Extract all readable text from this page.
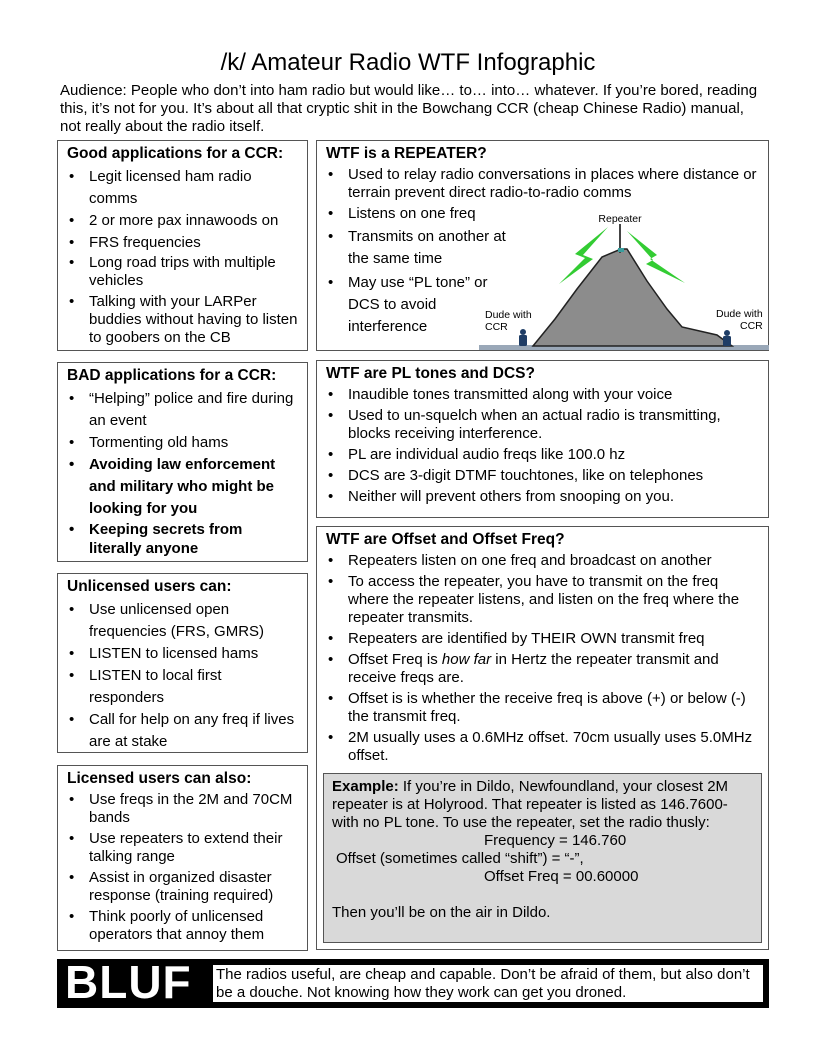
/k/ Amateur Radio WTF Infographic
Audience: People who don’t into ham radio but would like… to… into… whatever. If you’re bored, reading this, it’s not for you. It’s about all that cryptic shit in the Bowchang CCR (cheap Chinese Radio) manual, not really about the radio itself.
Good applications for a CCR:
• Legit licensed ham radio comms
• 2 or more pax innawoods on
• FRS frequencies
• Long road trips with multiple vehicles
• Talking with your LARPer buddies without having to listen to goobers on the CB
BAD applications for a CCR:
• “Helping” police and fire during an event
• Tormenting old hams
• Avoiding law enforcement and military who might be looking for you
• Keeping secrets from literally anyone
Unlicensed users can:
• Use unlicensed open frequencies (FRS, GMRS)
• LISTEN to licensed hams
• LISTEN to local first responders
• Call for help on any freq if lives are at stake
Licensed users can also:
• Use freqs in the 2M and 70CM bands
• Use repeaters to extend their talking range
• Assist in organized disaster response (training required)
• Think poorly of unlicensed operators that annoy them
WTF is a REPEATER?
• Used to relay radio conversations in places where distance or terrain prevent direct radio-to-radio comms
• Listens on one freq
• Transmits on another at the same time
• May use “PL tone” or DCS to avoid interference
Repeater
Dude with
CCR
Dude with
CCR
WTF are PL tones and DCS?
• Inaudible tones transmitted along with your voice
• Used to un-squelch when an actual radio is transmitting, blocks receiving interference.
• PL are individual audio freqs like 100.0 hz
• DCS are 3-digit DTMF touchtones, like on telephones
• Neither will prevent others from snooping on you.
WTF are Offset and Offset Freq?
• Repeaters listen on one freq and broadcast on another
• To access the repeater, you have to transmit on the freq where the repeater listens, and listen on the freq where the repeater transmits.
• Repeaters are identified by THEIR OWN transmit freq
• Offset Freq is how far in Hertz the repeater transmit and receive freqs are.
• Offset is is whether the receive freq is above (+) or below (-) the transmit freq.
• 2M usually uses a 0.6MHz offset. 70cm usually uses 5.0MHz offset.
Example: If you’re in Dildo, Newfoundland, your closest 2M repeater is at Holyrood. That repeater is listed as 146.7600- with no PL tone. To use the repeater, set the radio thusly:
Frequency = 146.760
Offset (sometimes called “shift”) = “-”,
Offset Freq = 00.60000
Then you’ll be on the air in Dildo.
BLUF The radios useful, are cheap and capable. Don’t be afraid of them, but also don’t be a douche. Not knowing how they work can get you droned.
